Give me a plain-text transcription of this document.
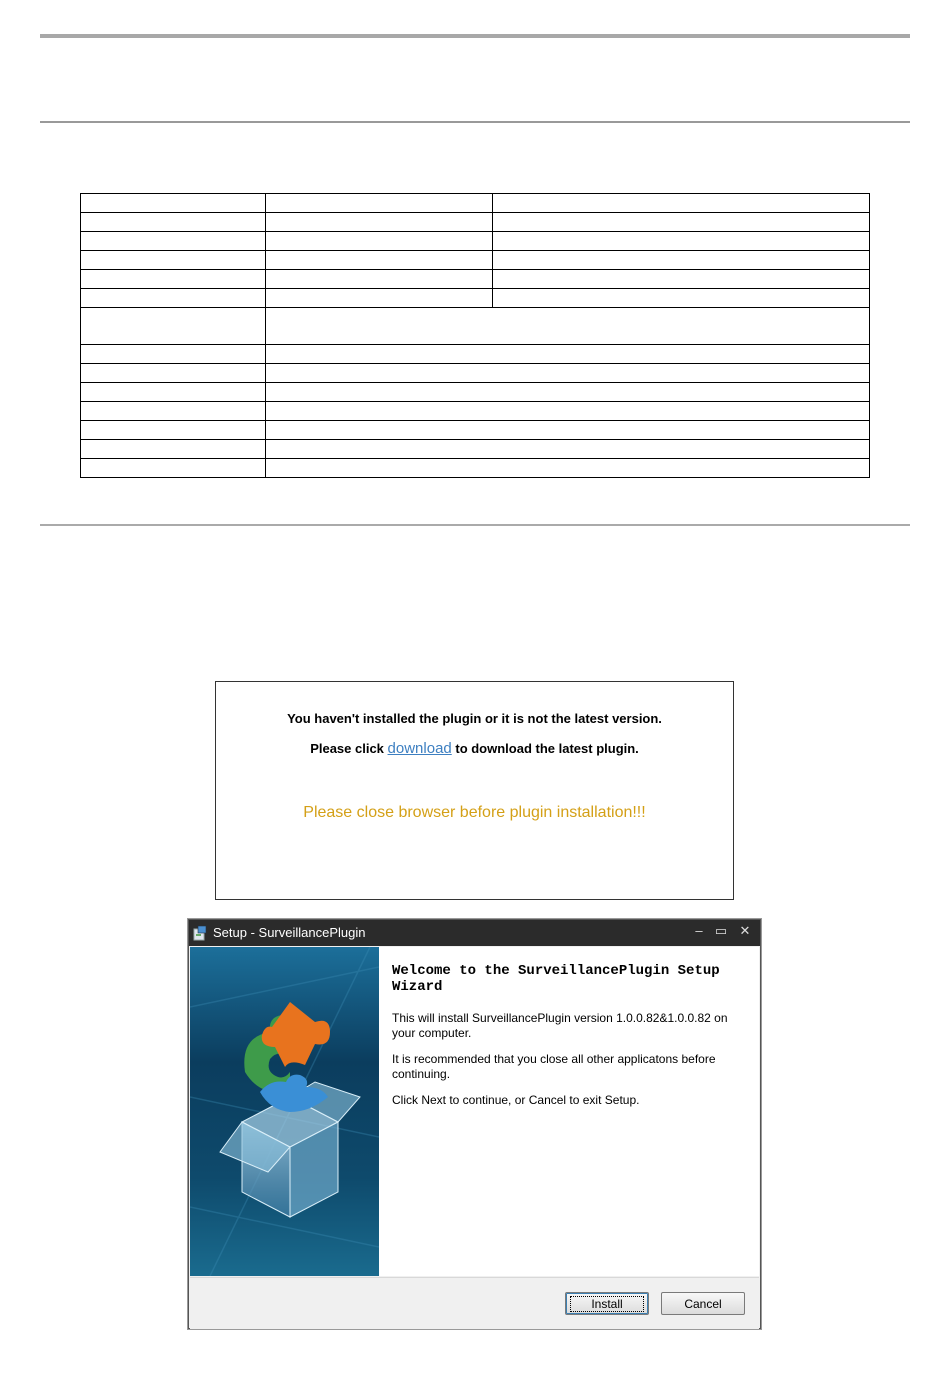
You haven't installed the plugin or it is not the latest version.
Please click download to download the latest plugin.
Please close browser before plugin installation!!!
Setup - SurveillancePlugin	– ▭ ✕
Welcome to the SurveillancePlugin Setup Wizard
This will install SurveillancePlugin version 1.0.0.82&1.0.0.82 on your computer.
It is recommended that you close all other applicatons before continuing.
Click Next to continue, or Cancel to exit Setup.
Install	Cancel
